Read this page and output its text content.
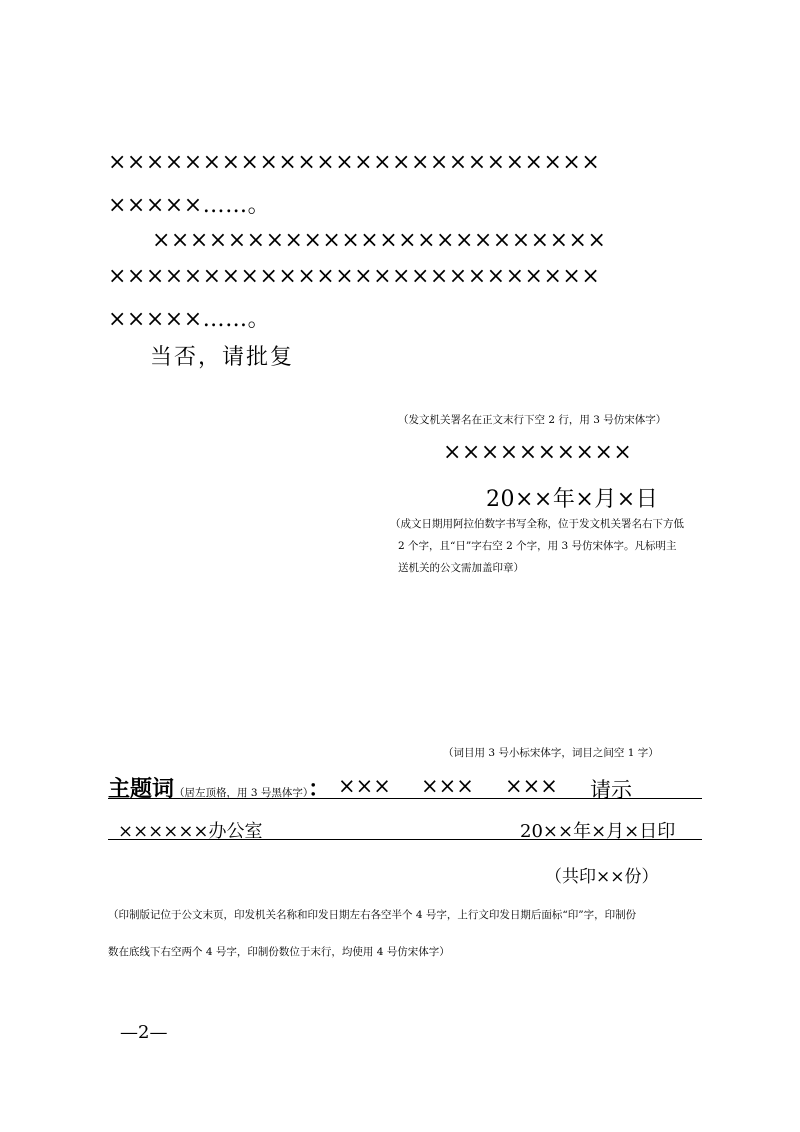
××××××××××××××××××××××××××
×××××……。
××××××××××××××××××××××××
××××××××××××××××××××××××××
×××××……。
当否，请批复
（发文机关署名在正文末行下空 2 行，用 3 号仿宋体字）
××××××××××
20××年×月×日
（成文日期用阿拉伯数字书写全称，位于发文机关署名右下方低
2 个字，且“日”字右空 2 个字，用 3 号仿宋体字。凡标明主
送机关的公文需加盖印章）
（词目用 3 号小标宋体字，词目之间空 1 字）
主题词（居左顶格，用 3 号黑体字）： ××× ××× ××× 请示
××××××办公室	20××年×月×日印
（共印××份）
（印制版记位于公文末页，印发机关名称和印发日期左右各空半个 4 号字，上行文印发日期后面标“印”字，印制份
数在底线下右空两个 4 号字，印制份数位于末行，均使用 4 号仿宋体字）
—2—
